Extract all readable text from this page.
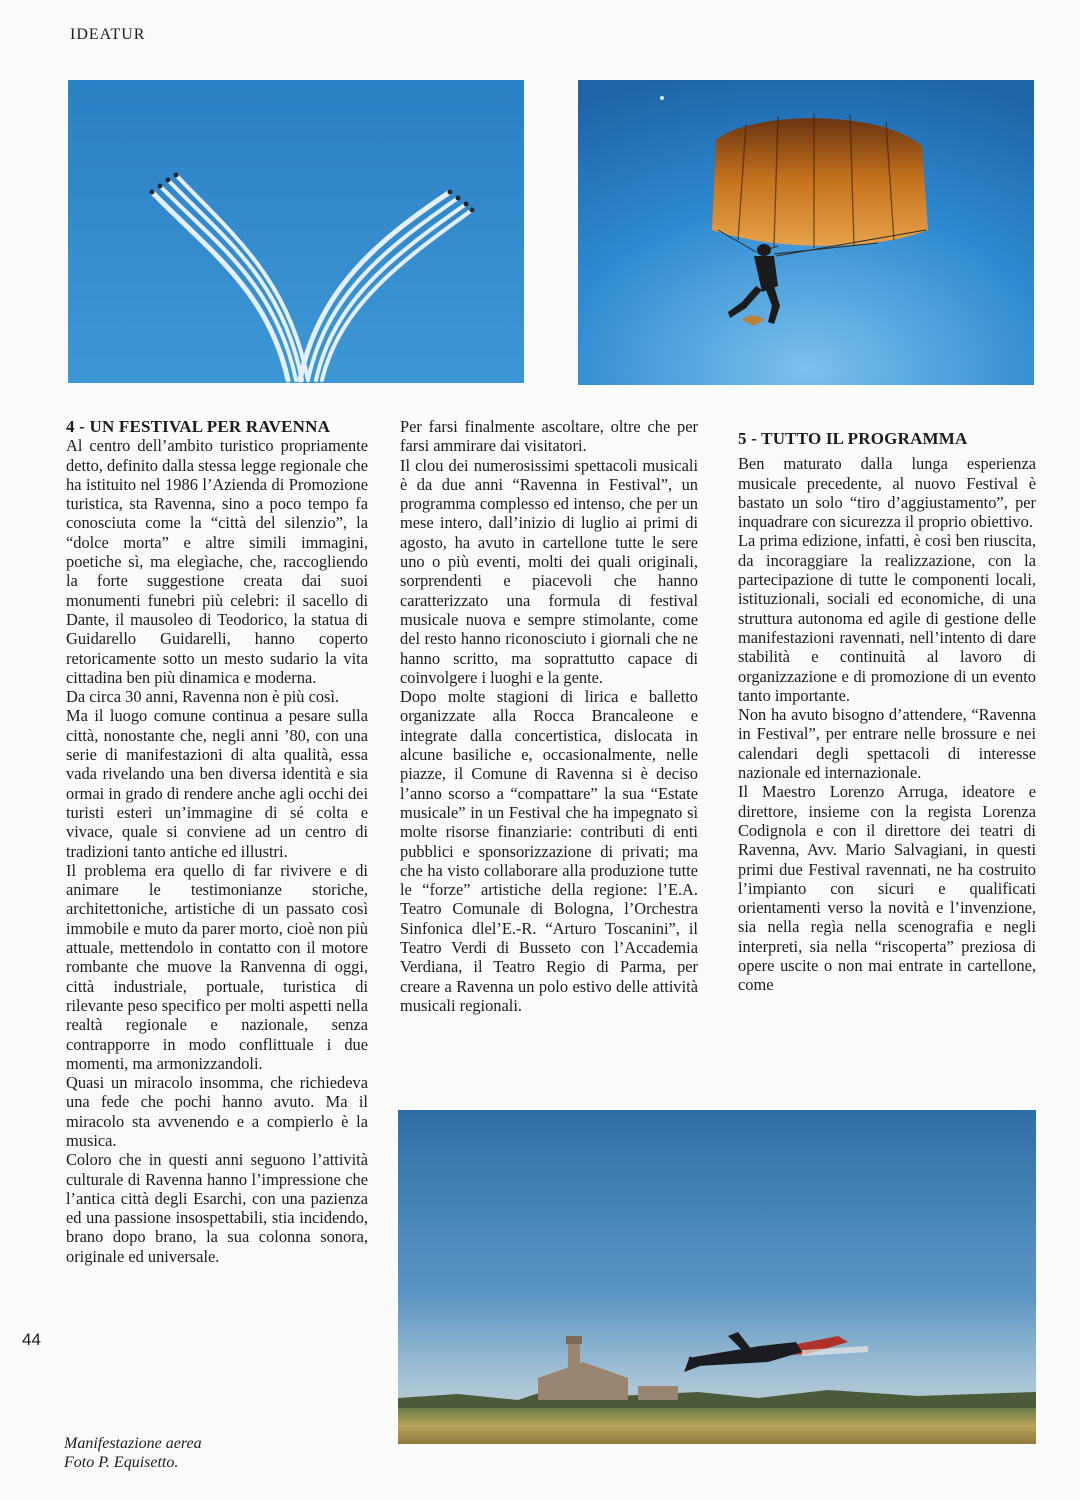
IDEATUR

4 - UN FESTIVAL PER RAVENNA

Al centro dell’ambito turistico propriamente detto, definito dalla stessa legge regionale che ha istituito nel 1986 l’Azienda di Promozione turistica, sta Ravenna, sino a poco tempo fa conosciuta come la “città del silenzio”, la “dolce morta” e altre simili immagini, poetiche sì, ma elegìache, che, raccogliendo la forte suggestione creata dai suoi monumenti funebri più celebri: il sacello di Dante, il mausoleo di Teodorico, la statua di Guidarello Guidarelli, hanno coperto retoricamente sotto un mesto sudario la vita cittadina ben più dinamica e moderna.

Da circa 30 anni, Ravenna non è più così.

Ma il luogo comune continua a pesare sulla città, nonostante che, negli anni ’80, con una serie di manifestazioni di alta qualità, essa vada rivelando una ben diversa identità e sia ormai in grado di rendere anche agli occhi dei turisti esteri un’immagine di sé colta e vivace, quale si conviene ad un centro di tradizioni tanto antiche ed illustri.

Il problema era quello di far rivivere e di animare le testimonianze storiche, architettoniche, artistiche di un passato così immobile e muto da parer morto, cioè non più attuale, mettendolo in contatto con il motore rombante che muove la Ranvenna di oggi, città industriale, portuale, turistica di rilevante peso specifico per molti aspetti nella realtà regionale e nazionale, senza contrapporre in modo conflittuale i due momenti, ma armonizzandoli.

Quasi un miracolo insomma, che richiedeva una fede che pochi hanno avuto. Ma il miracolo sta avvenendo e a compierlo è la musica.

Coloro che in questi anni seguono l’attività culturale di Ravenna hanno l’impressione che l’antica città degli Esarchi, con una pazienza ed una passione insospettabili, stia incidendo, brano dopo brano, la sua colonna sonora, originale ed universale.

Per farsi finalmente ascoltare, oltre che per farsi ammirare dai visitatori.

Il clou dei numerosissimi spettacoli musicali è da due anni “Ravenna in Festival”, un programma complesso ed intenso, che per un mese intero, dall’inizio di luglio ai primi di agosto, ha avuto in cartellone tutte le sere uno o più eventi, molti dei quali originali, sorprendenti e piacevoli che hanno caratterizzato una formula di festival musicale nuova e sempre stimolante, come del resto hanno riconosciuto i giornali che ne hanno scritto, ma soprattutto capace di coinvolgere i luoghi e la gente.

Dopo molte stagioni di lirica e balletto organizzate alla Rocca Brancaleone e integrate dalla concertistica, dislocata in alcune basiliche e, occasionalmente, nelle piazze, il Comune di Ravenna si è deciso l’anno scorso a “compattare” la sua “Estate musicale” in un Festival che ha impegnato sì molte risorse finanziarie: contributi di enti pubblici e sponsorizzazione di privati; ma che ha visto collaborare alla produzione tutte le “forze” artistiche della regione: l’E.A. Teatro Comunale di Bologna, l’Orchestra Sinfonica dlel’E.-R. “Arturo Toscanini”, il Teatro Verdi di Busseto con l’Accademia Verdiana, il Teatro Regio di Parma, per creare a Ravenna un polo estivo delle attività musicali regionali.

5 - TUTTO IL PROGRAMMA

Ben maturato dalla lunga esperienza musicale precedente, al nuovo Festival è bastato un solo “tiro d’aggiustamento”, per inquadrare con sicurezza il proprio obiettivo.

La prima edizione, infatti, è così ben riuscita, da incoraggiare la realizzazione, con la partecipazione di tutte le componenti locali, istituzionali, sociali ed economiche, di una struttura autonoma ed agile di gestione delle manifestazioni ravennati, nell’intento di dare stabilità e continuità al lavoro di organizzazione e di promozione di un evento tanto importante.

Non ha avuto bisogno d’attendere, “Ravenna in Festival”, per entrare nelle brossure e nei calendari degli spettacoli di interesse nazionale ed internazionale.

Il Maestro Lorenzo Arruga, ideatore e direttore, insieme con la regista Lorenza Codignola e con il direttore dei teatri di Ravenna, Avv. Mario Salvagiani, in questi primi due Festival ravennati, ne ha costruito l’impianto con sicuri e qualificati orientamenti verso la novità e l’invenzione, sia nella regìa nella scenografia e negli interpreti, sia nella “riscoperta” preziosa di opere uscite o non mai entrate in cartellone, come

44
Manifestazione aerea
Foto P. Equisetto.
